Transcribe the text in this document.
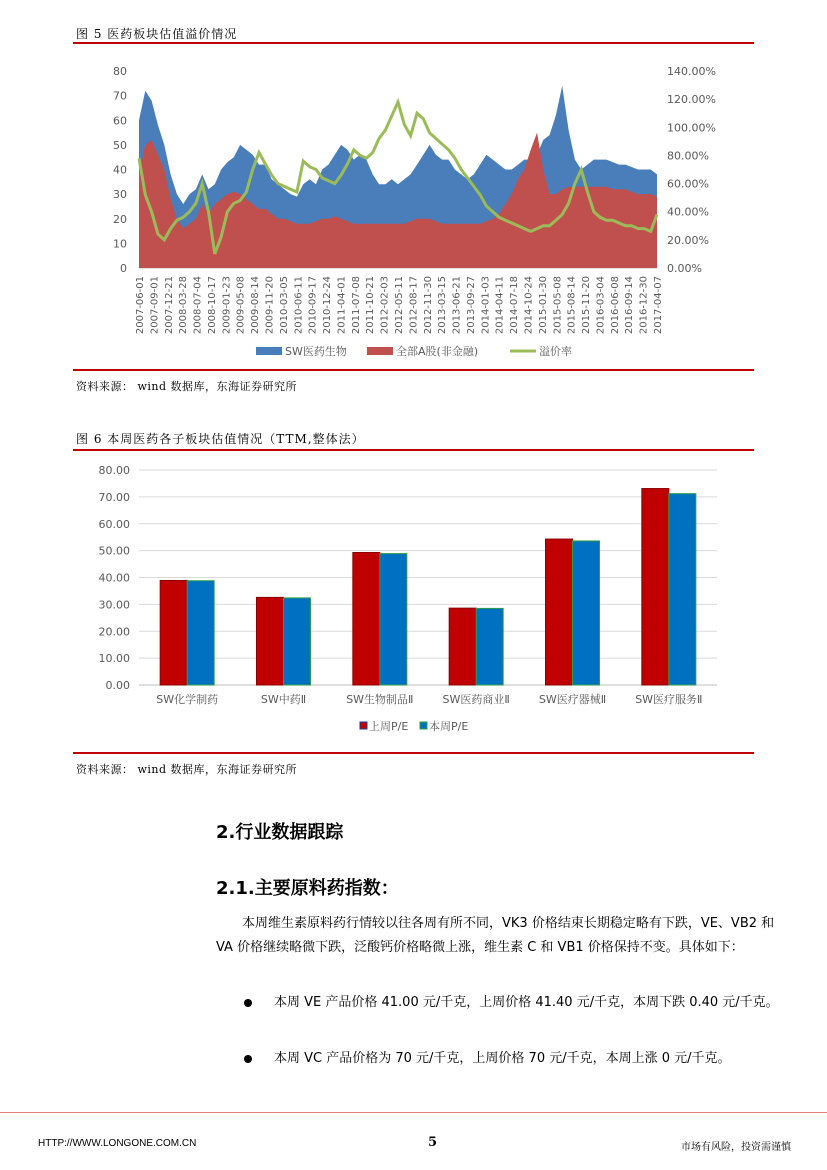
图 5 医药板块估值溢价情况
0
10
20
30
40
50
60
70
80
0.00%
20.00%
40.00%
60.00%
80.00%
100.00%
120.00%
140.00%
2007-06-01 2007-09-01 2007-12-21 2008-03-28 2008-07-04 2008-10-17 2009-01-23 2009-05-08 2009-08-14 2009-11-20 2010-03-05 2010-06-11 2010-09-17 2010-12-24 2011-04-01 2011-07-08 2011-10-21 2012-02-03 2012-05-11 2012-08-17 2012-11-30 2013-03-15 2013-06-21 2013-09-27 2014-01-03 2014-04-11 2014-07-18 2014-10-24 2015-01-30 2015-05-08 2015-08-14 2015-11-20 2016-03-04 2016-06-08 2016-09-14 2016-12-30 2017-04-07
SW医药生物	全部A股(非金融)	溢价率
资料来源： wind 数据库，东海证券研究所
图 6 本周医药各子板块估值情况（TTM,整体法）
0.00
10.00
20.00
30.00
40.00
50.00
60.00
70.00
80.00
SW化学制药	SW中药Ⅱ	SW生物制品Ⅱ	SW医药商业Ⅱ	SW医疗器械Ⅱ	SW医疗服务Ⅱ
上周P/E 本周P/E
资料来源： wind 数据库，东海证券研究所
2.行业数据跟踪
2.1.主要原料药指数：
本周维生素原料药行情较以往各周有所不同，VK3 价格结束长期稳定略有下跌，VE、VB2 和 VA 价格继续略微下跌，泛酸钙价格略微上涨，维生素 C 和 VB1 价格保持不变。具体如下：
本周 VE 产品价格 41.00 元/千克，上周价格 41.40 元/千克，本周下跌 0.40 元/千克。
本周 VC 产品价格为 70 元/千克，上周价格 70 元/千克，本周上涨 0 元/千克。
HTTP://WWW.LONGONE.COM.CN	5	市场有风险，投资需谨慎
